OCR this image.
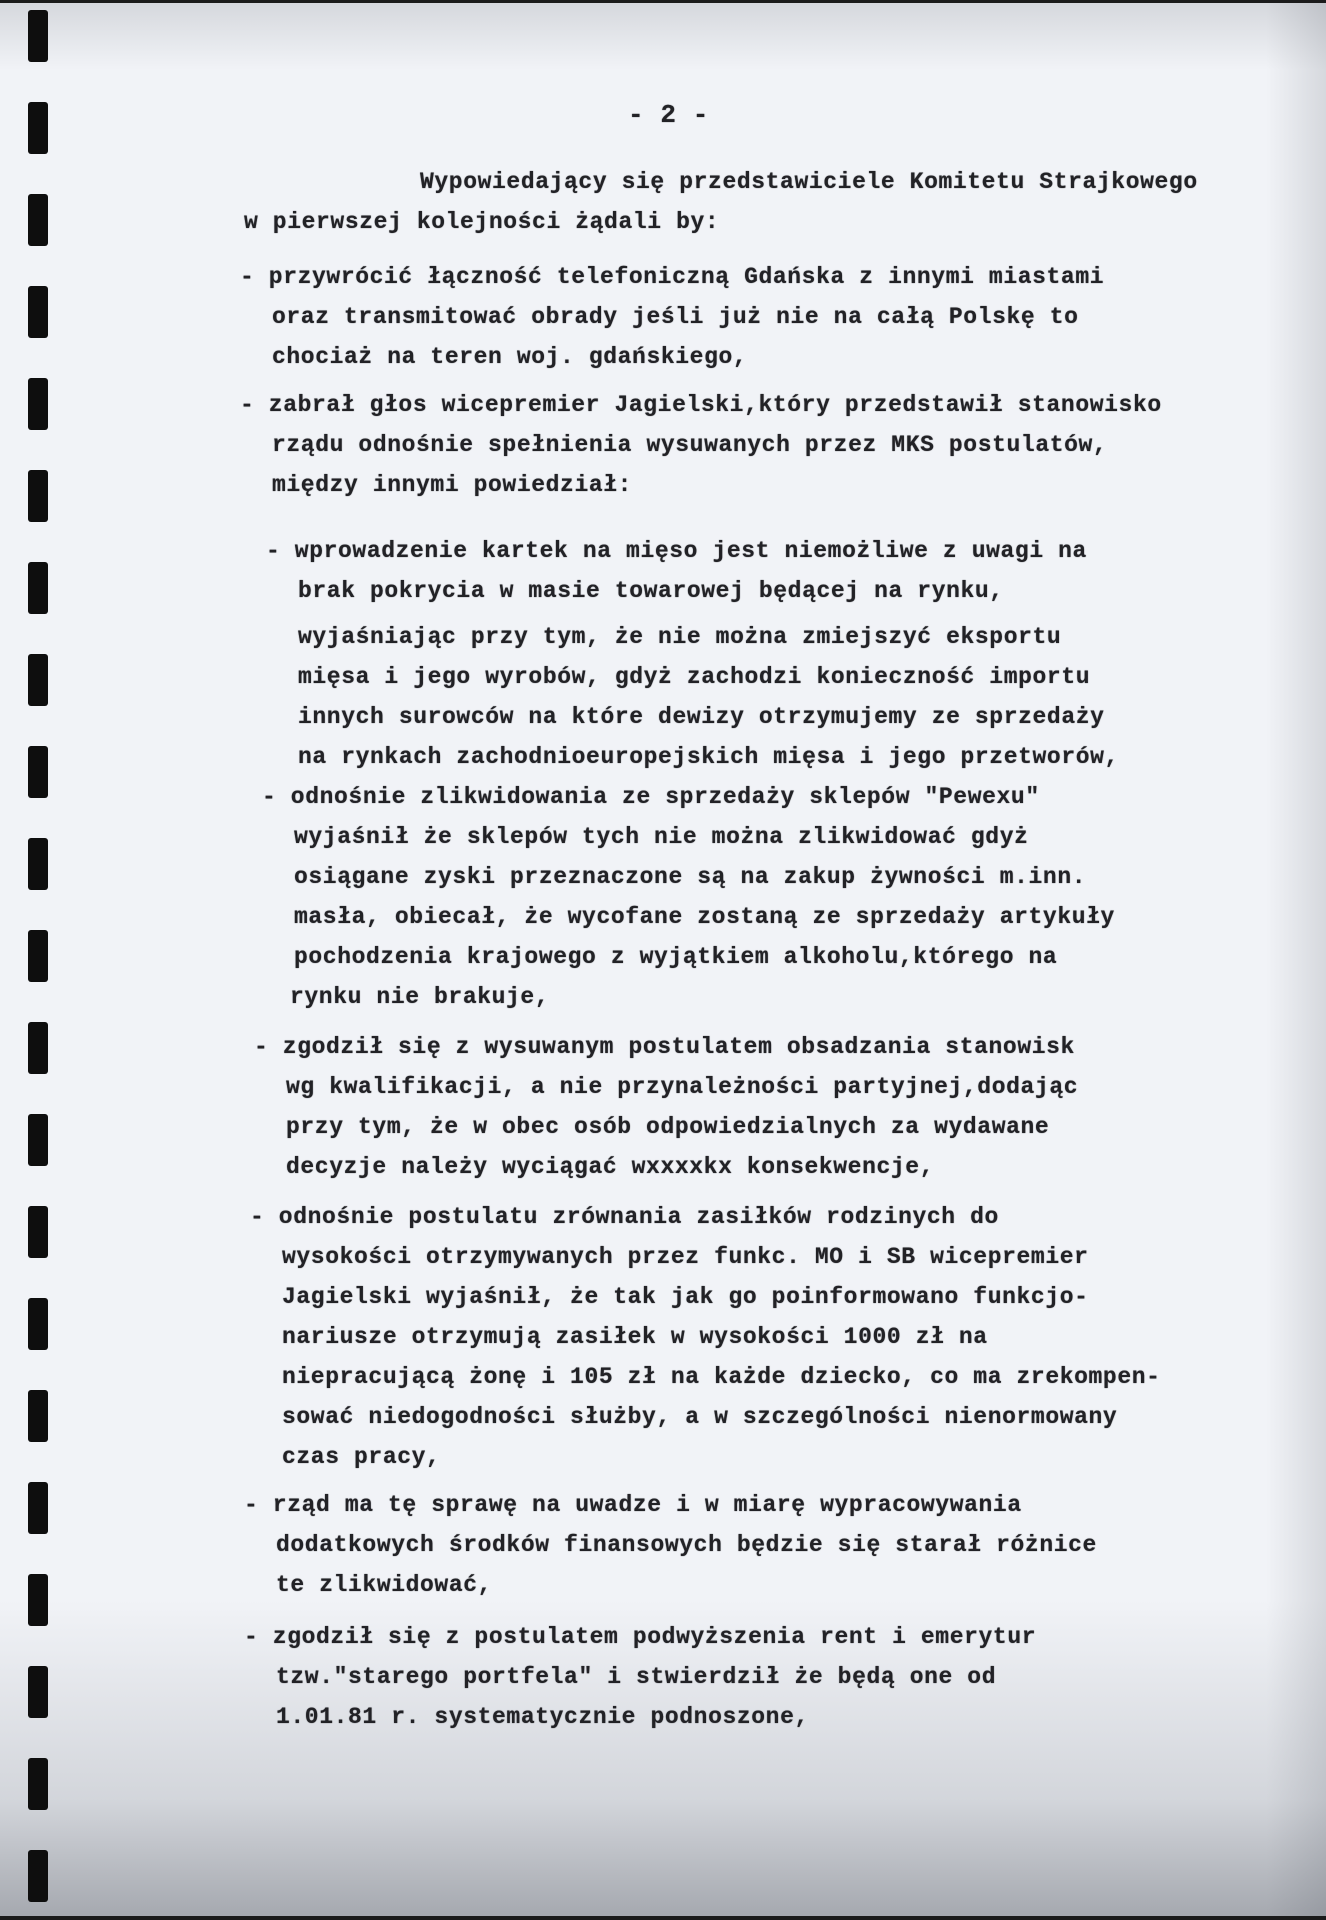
- 2 -
Wypowiedający się przedstawiciele Komitetu Strajkowego
w pierwszej kolejności żądali by:
- przywrócić łączność telefoniczną Gdańska z innymi miastami
oraz transmitować obrady jeśli już nie na całą Polskę to
chociaż na teren woj. gdańskiego,
- zabrał głos wicepremier Jagielski,który przedstawił stanowisko
rządu odnośnie spełnienia wysuwanych przez MKS postulatów,
między innymi powiedział:
- wprowadzenie kartek na mięso jest niemożliwe z uwagi na
brak pokrycia w masie towarowej będącej na rynku,
wyjaśniając przy tym, że nie można zmiejszyć eksportu
mięsa i jego wyrobów, gdyż zachodzi konieczność importu
innych surowców na które dewizy otrzymujemy ze sprzedaży
na rynkach zachodnioeuropejskich mięsa i jego przetworów,
- odnośnie zlikwidowania ze sprzedaży sklepów "Pewexu"
wyjaśnił że sklepów tych nie można zlikwidować gdyż
osiągane zyski przeznaczone są na zakup żywności m.inn.
masła, obiecał, że wycofane zostaną ze sprzedaży artykuły
pochodzenia krajowego z wyjątkiem alkoholu,którego na
rynku nie brakuje,
- zgodził się z wysuwanym postulatem obsadzania stanowisk
wg kwalifikacji, a nie przynależności partyjnej,dodając
przy tym, że w obec osób odpowiedzialnych za wydawane
decyzje należy wyciągać wxxxxkx konsekwencje,
- odnośnie postulatu zrównania zasiłków rodzinych do
wysokości otrzymywanych przez funkc. MO i SB wicepremier
Jagielski wyjaśnił, że tak jak go poinformowano funkcjo-
nariusze otrzymują zasiłek w wysokości 1000 zł na
niepracującą żonę i 105 zł na każde dziecko, co ma zrekompen-
sować niedogodności służby, a w szczególności nienormowany
czas pracy,
- rząd ma tę sprawę na uwadze i w miarę wypracowywania
dodatkowych środków finansowych będzie się starał różnice
te zlikwidować,
- zgodził się z postulatem podwyższenia rent i emerytur
tzw."starego portfela" i stwierdził że będą one od
1.01.81 r. systematycznie podnoszone,
